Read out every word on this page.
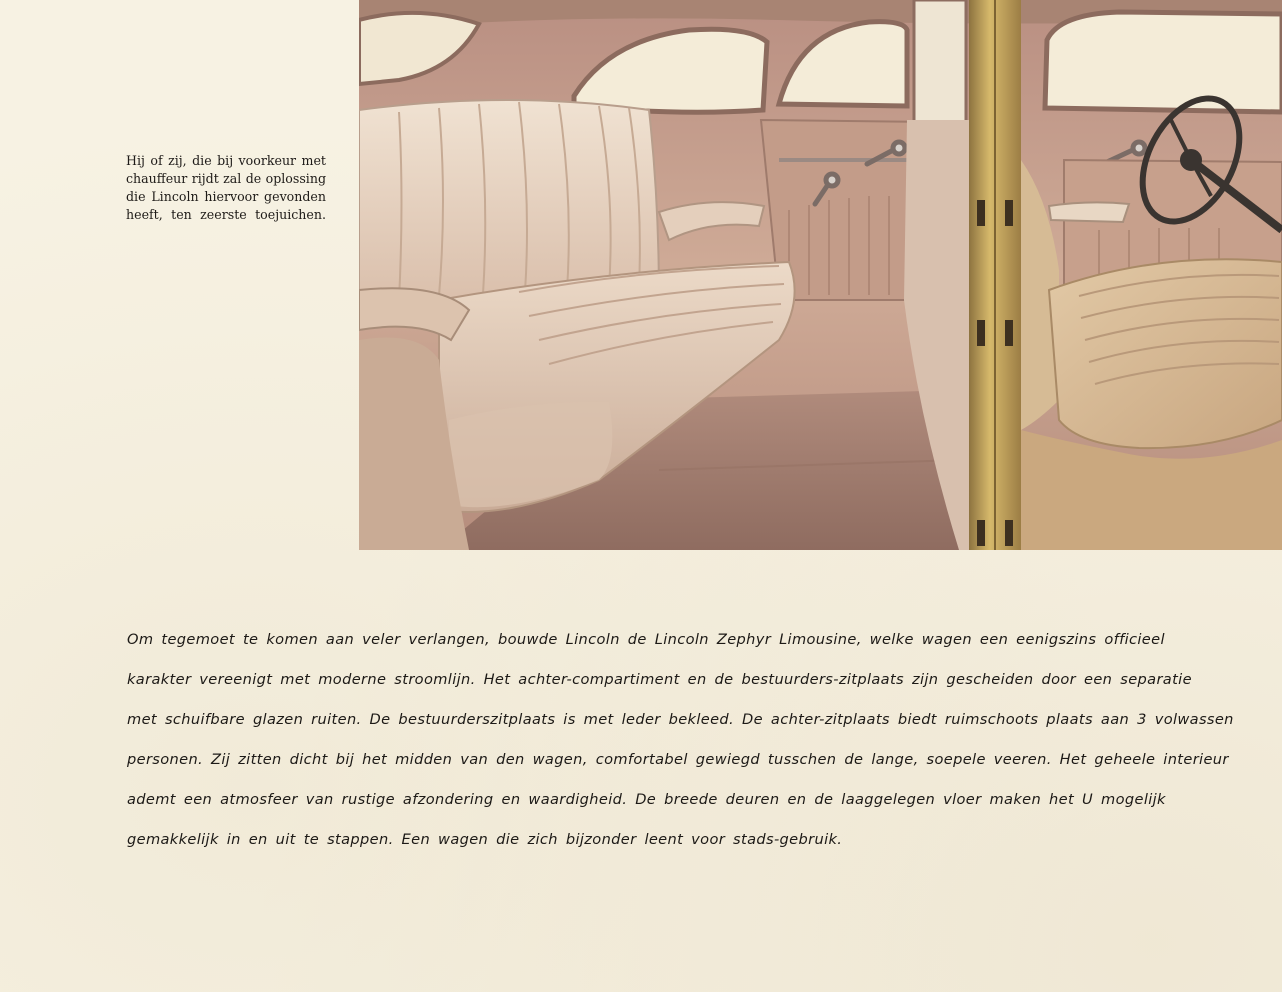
Hij of zij, die bij voorkeur met
chauffeur rijdt zal de oplossing
die Lincoln hiervoor gevonden
heeft, ten zeerste toejuichen.

Om tegemoet te komen aan veler verlangen, bouwde Lincoln de Lincoln Zephyr Limousine, welke wagen een eenigszins officieel
karakter vereenigt met moderne stroomlijn. Het achter-compartiment en de bestuurders-zitplaats zijn gescheiden door een separatie
met schuifbare glazen ruiten. De bestuurderszitplaats is met leder bekleed. De achter-zitplaats biedt ruimschoots plaats aan 3 volwassen
personen. Zij zitten dicht bij het midden van den wagen, comfortabel gewiegd tusschen de lange, soepele veeren. Het geheele interieur
ademt een atmosfeer van rustige afzondering en waardigheid. De breede deuren en de laaggelegen vloer maken het U mogelijk
gemakkelijk in en uit te stappen. Een wagen die zich bijzonder leent voor stads-gebruik.
